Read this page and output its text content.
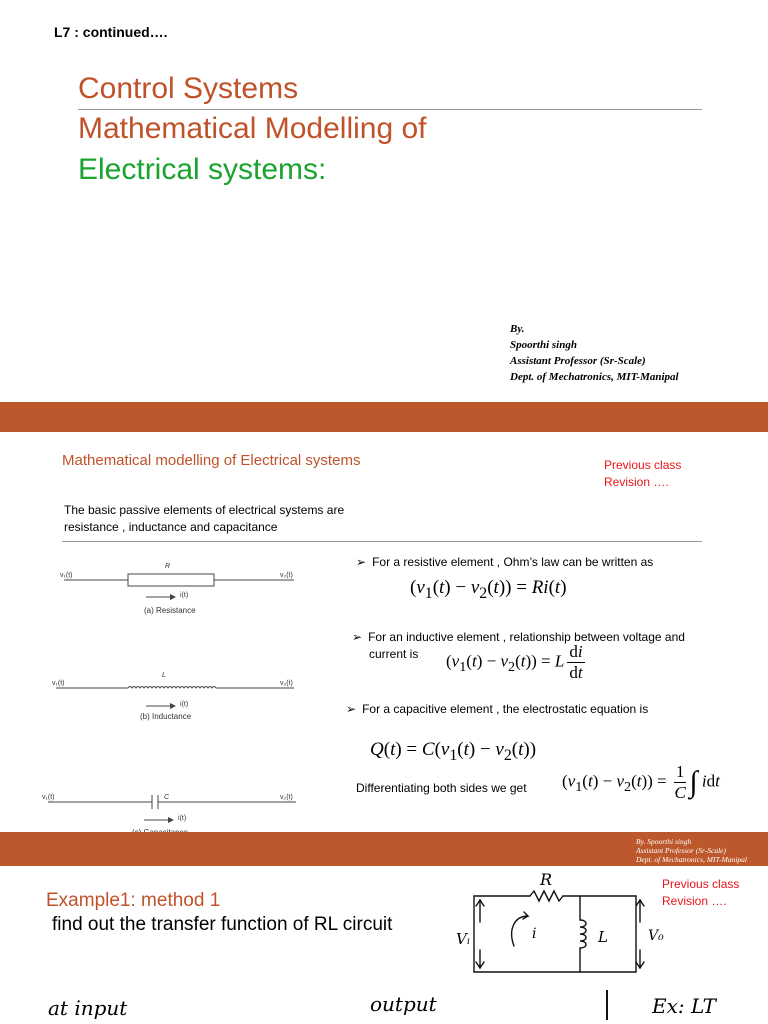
L7 : continued….
Control Systems
Mathematical Modelling of
Electrical systems:
By.
Spoorthi singh
Assistant Professor (Sr-Scale)
Dept. of Mechatronics, MIT-Manipal
Mathematical modelling of Electrical systems	Previous class
Revision ….
The basic passive elements of electrical systems are
resistance , inductance and capacitance
v₁(t)
R
v₂(t)
i(t)
(a) Resistance
v₁(t)
L
v₂(t)
i(t)
(b) Inductance
v₁(t)	C	v₂(t)
i(t)
➢ For a resistive element , Ohm’s law can be written as
$(v_1(t) - v_2(t)) = Ri(t)$
➢ For an inductive element , relationship between voltage and
current is	$(v_1(t) - v_2(t)) = L \frac{di}{dt}$
➢ For a capacitive element , the electrostatic equation is
$Q(t) = C(v_1(t) - v_2(t))$
Differentiating both sides we get $(v_1(t) - v_2(t)) = \frac{1}{C}$ ∫ idt
By. Spoorthi singh
Assistant Professor (Sr-Scale)
Dept. of Mechatronics, MIT-Manipal
Example1: method 1
find out the transfer function of RL circuit
Previous class
Revision ….
R
Vᵢ	i	L	V₀
at input	output	Ex: LT
